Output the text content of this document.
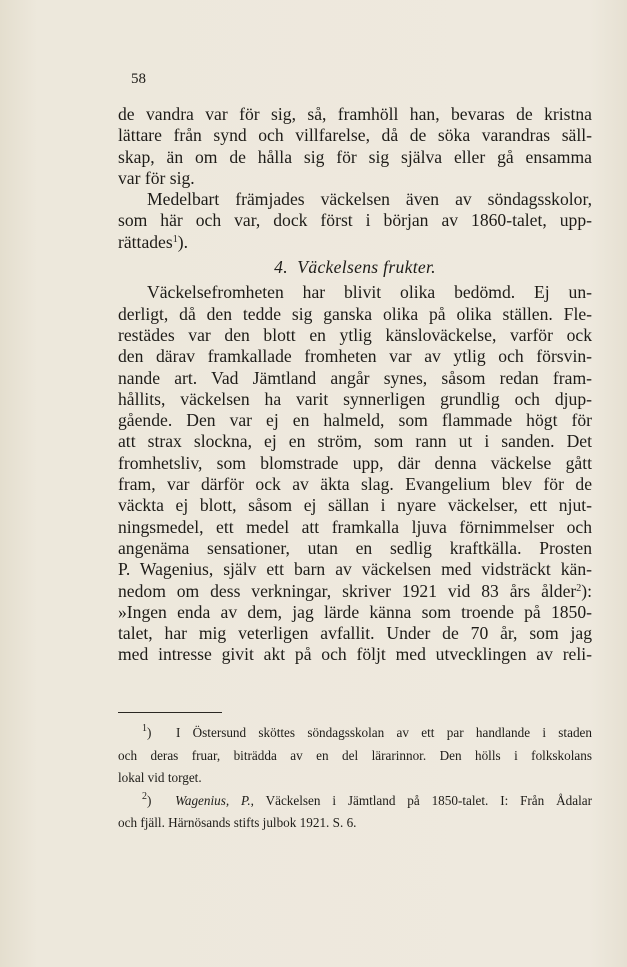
58
de vandra var för sig, så, framhöll han, bevaras de kristna
lättare från synd och villfarelse, då de söka varandras säll-
skap, än om de hålla sig för sig själva eller gå ensamma
var för sig.
Medelbart främjades väckelsen även av söndagsskolor,
som här och var, dock först i början av 1860-talet, upp-
rättades$^1$).
4. Väckelsens frukter.
Väckelsefromheten har blivit olika bedömd. Ej un-
derligt, då den tedde sig ganska olika på olika ställen. Fle-
restädes var den blott en ytlig känsloväckelse, varför ock
den därav framkallade fromheten var av ytlig och försvin-
nande art. Vad Jämtland angår synes, såsom redan fram-
hållits, väckelsen ha varit synnerligen grundlig och djup-
gående. Den var ej en halmeld, som flammade högt för
att strax slockna, ej en ström, som rann ut i sanden. Det
fromhetsliv, som blomstrade upp, där denna väckelse gått
fram, var därför ock av äkta slag. Evangelium blev för de
väckta ej blott, såsom ej sällan i nyare väckelser, ett njut-
ningsmedel, ett medel att framkalla ljuva förnimmelser och
angenäma sensationer, utan en sedlig kraftkälla. Prosten
P. Wagenius, själv ett barn av väckelsen med vidsträckt kän-
nedom om dess verkningar, skriver 1921 vid 83 års ålder$^2$):
»Ingen enda av dem, jag lärde känna som troende på 1850-
talet, har mig veterligen avfallit. Under de 70 år, som jag
med intresse givit akt på och följt med utvecklingen av reli-
$^1$)  I Östersund sköttes söndagsskolan av ett par handlande i staden
och deras fruar, biträdda av en del lärarinnor. Den hölls i folkskolans
lokal vid torget.
$^2$)  Wagenius, P., Väckelsen i Jämtland på 1850-talet. I: Från Ådalar
och fjäll. Härnösands stifts julbok 1921. S. 6.
